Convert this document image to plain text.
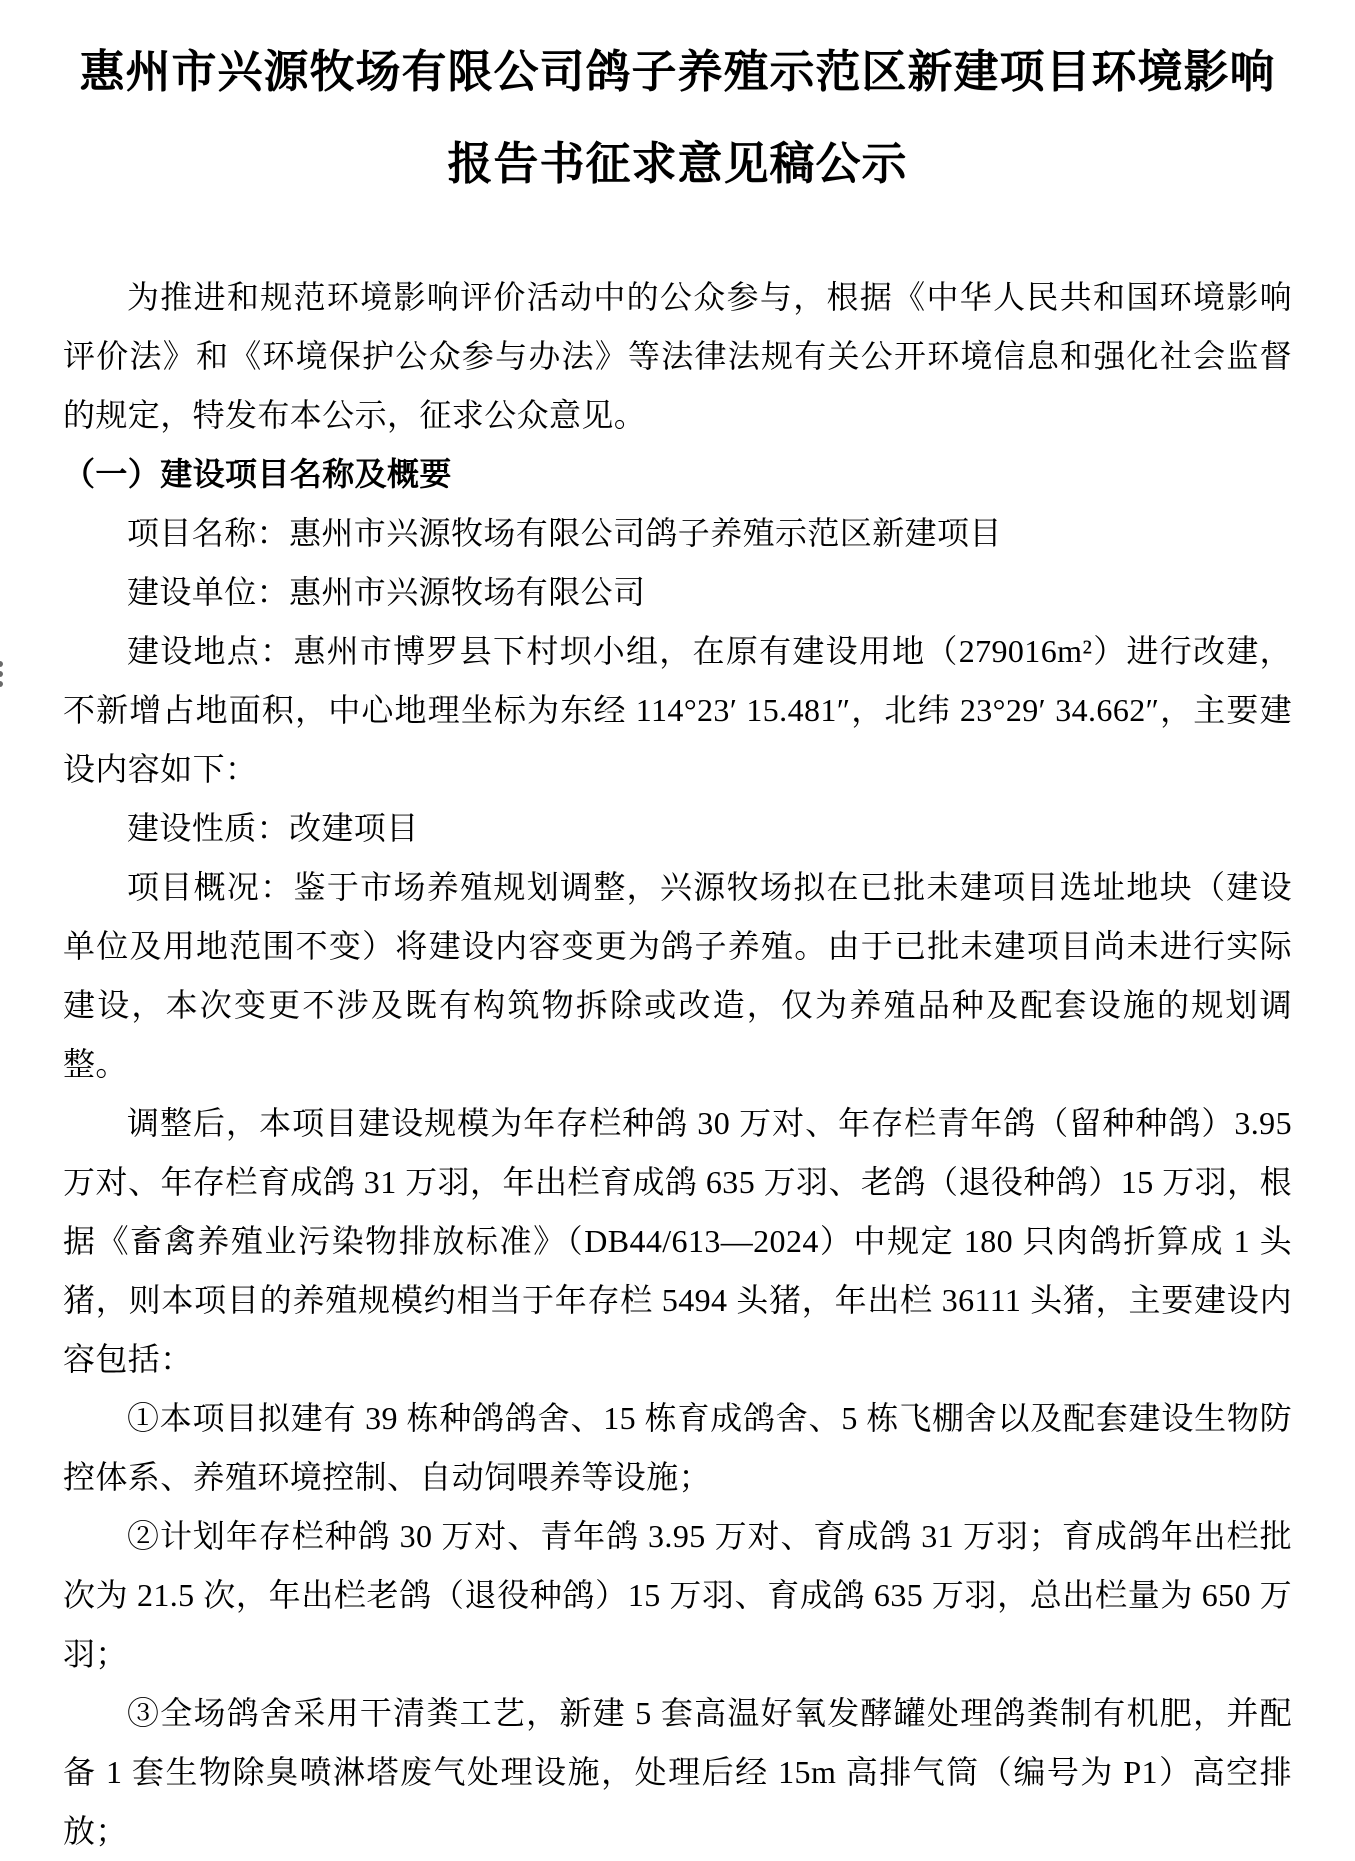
惠州市兴源牧场有限公司鸽子养殖示范区新建项目环境影响
报告书征求意见稿公示

为推进和规范环境影响评价活动中的公众参与，根据《中华人民共和国环境影响评价法》和《环境保护公众参与办法》等法律法规有关公开环境信息和强化社会监督的规定，特发布本公示，征求公众意见。

（一）建设项目名称及概要

项目名称：惠州市兴源牧场有限公司鸽子养殖示范区新建项目

建设单位：惠州市兴源牧场有限公司

建设地点：惠州市博罗县下村坝小组，在原有建设用地（279016m²）进行改建，不新增占地面积，中心地理坐标为东经 114°23′ 15.481″，北纬 23°29′ 34.662″，主要建设内容如下：

建设性质：改建项目

项目概况：鉴于市场养殖规划调整，兴源牧场拟在已批未建项目选址地块（建设单位及用地范围不变）将建设内容变更为鸽子养殖。由于已批未建项目尚未进行实际建设，本次变更不涉及既有构筑物拆除或改造，仅为养殖品种及配套设施的规划调整。

调整后，本项目建设规模为年存栏种鸽 30 万对、年存栏青年鸽（留种种鸽）3.95 万对、年存栏育成鸽 31 万羽，年出栏育成鸽 635 万羽、老鸽（退役种鸽）15 万羽，根据《畜禽养殖业污染物排放标准》（DB44/613—2024）中规定 180 只肉鸽折算成 1 头猪，则本项目的养殖规模约相当于年存栏 5494 头猪，年出栏 36111 头猪，主要建设内容包括：

①本项目拟建有 39 栋种鸽鸽舍、15 栋育成鸽舍、5 栋飞棚舍以及配套建设生物防控体系、养殖环境控制、自动饲喂养等设施；

②计划年存栏种鸽 30 万对、青年鸽 3.95 万对、育成鸽 31 万羽；育成鸽年出栏批次为 21.5 次，年出栏老鸽（退役种鸽）15 万羽、育成鸽 635 万羽，总出栏量为 650 万羽；

③全场鸽舍采用干清粪工艺，新建 5 套高温好氧发酵罐处理鸽粪制有机肥，并配备 1 套生物除臭喷淋塔废气处理设施，处理后经 15m 高排气筒（编号为 P1）高空排放；
